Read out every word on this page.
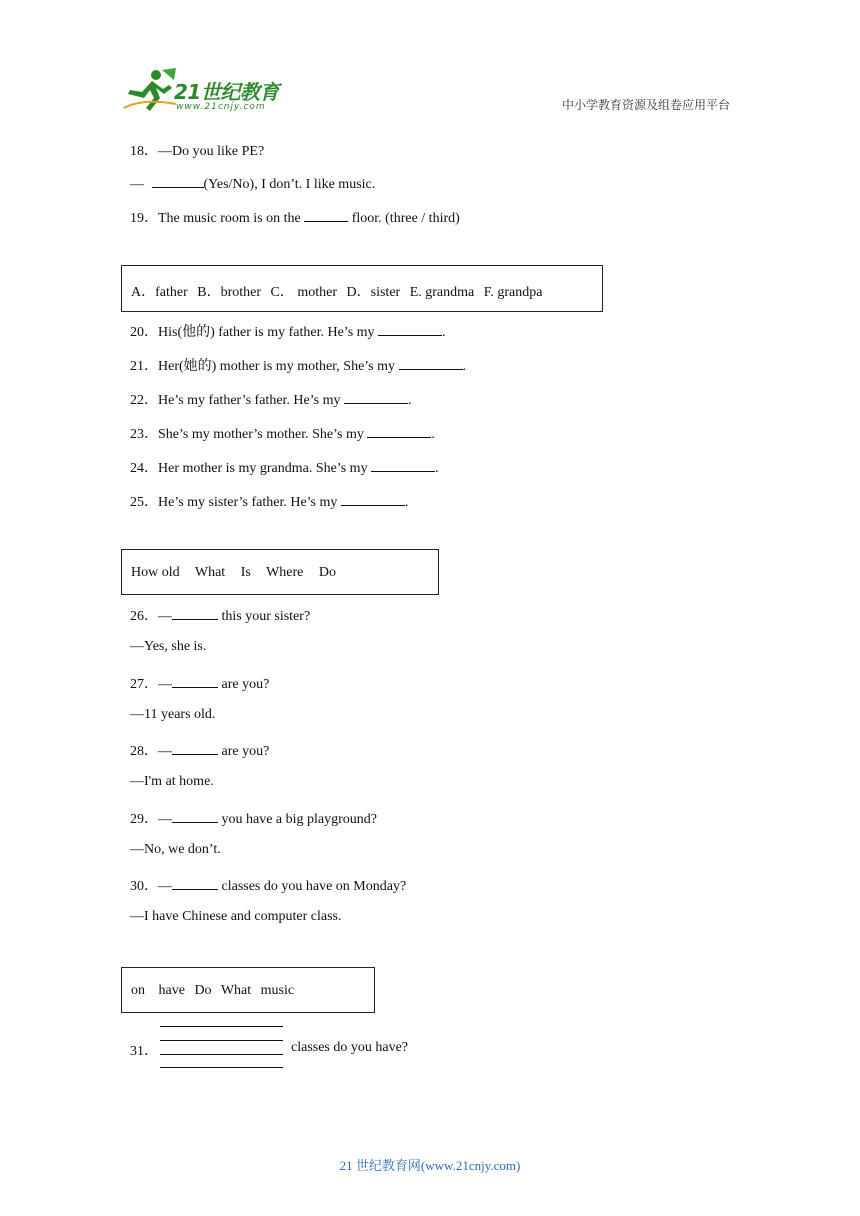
21世纪教育
www.21cnjy.com	中小学教育资源及组卷应用平台
18．—Do you like PE?
—	(Yes/No), I don’t. I like music.
19．The music room is on the	floor. (three / third)
A．father B．brother C． mother D．sister E. grandma F. grandpa
20．His(他的) father is my father. He’s my	.
21．Her(她的) mother is my mother, She’s my	.
22．He’s my father’s father. He’s my	.
23．She’s my mother’s mother. She’s my	.
24．Her mother is my grandma. She’s my	.
25．He’s my sister’s father. He’s my	.
How old What Is Where Do
26．—	this your sister?
—Yes, she is.
27．—	are you?
—11 years old.
28．—	are you?
—I'm at home.
29．—	you have a big playground?
—No, we don’t.
30．—	classes do you have on Monday?
—I have Chinese and computer class.
on have Do What music
31．	classes do you have?
21 世纪教育网(www.21cnjy.com)
